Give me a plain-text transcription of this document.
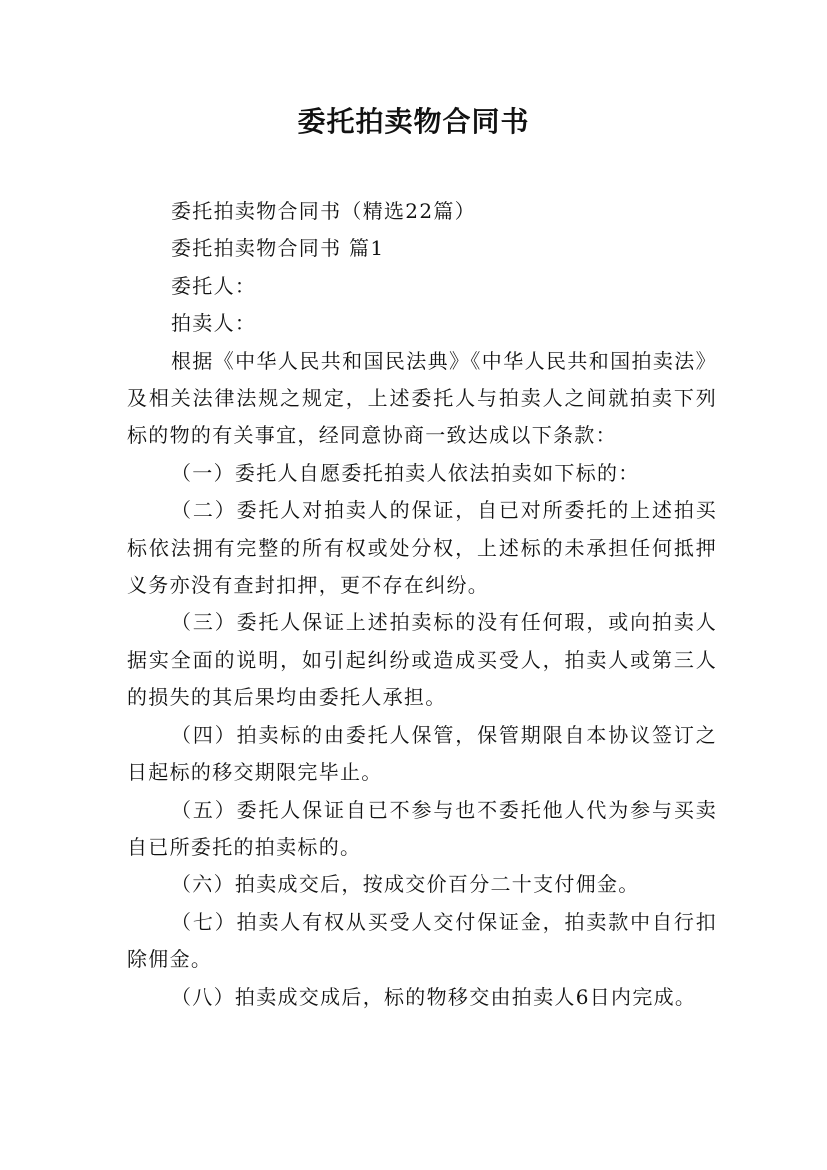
委托拍卖物合同书

委托拍卖物合同书（精选22篇）

委托拍卖物合同书 篇1

委托人：

拍卖人：

根据《中华人民共和国民法典》《中华人民共和国拍卖法》及相关法律法规之规定，上述委托人与拍卖人之间就拍卖下列标的物的有关事宜，经同意协商一致达成以下条款：

（一）委托人自愿委托拍卖人依法拍卖如下标的：

（二）委托人对拍卖人的保证，自已对所委托的上述拍买标依法拥有完整的所有权或处分权，上述标的未承担任何抵押义务亦没有查封扣押，更不存在纠纷。

（三）委托人保证上述拍卖标的没有任何瑕，或向拍卖人据实全面的说明，如引起纠纷或造成买受人，拍卖人或第三人的损失的其后果均由委托人承担。

（四）拍卖标的由委托人保管，保管期限自本协议签订之日起标的移交期限完毕止。

（五）委托人保证自已不参与也不委托他人代为参与买卖自已所委托的拍卖标的。

（六）拍卖成交后，按成交价百分二十支付佣金。

（七）拍卖人有权从买受人交付保证金，拍卖款中自行扣除佣金。

（八）拍卖成交成后，标的物移交由拍卖人6日内完成。
